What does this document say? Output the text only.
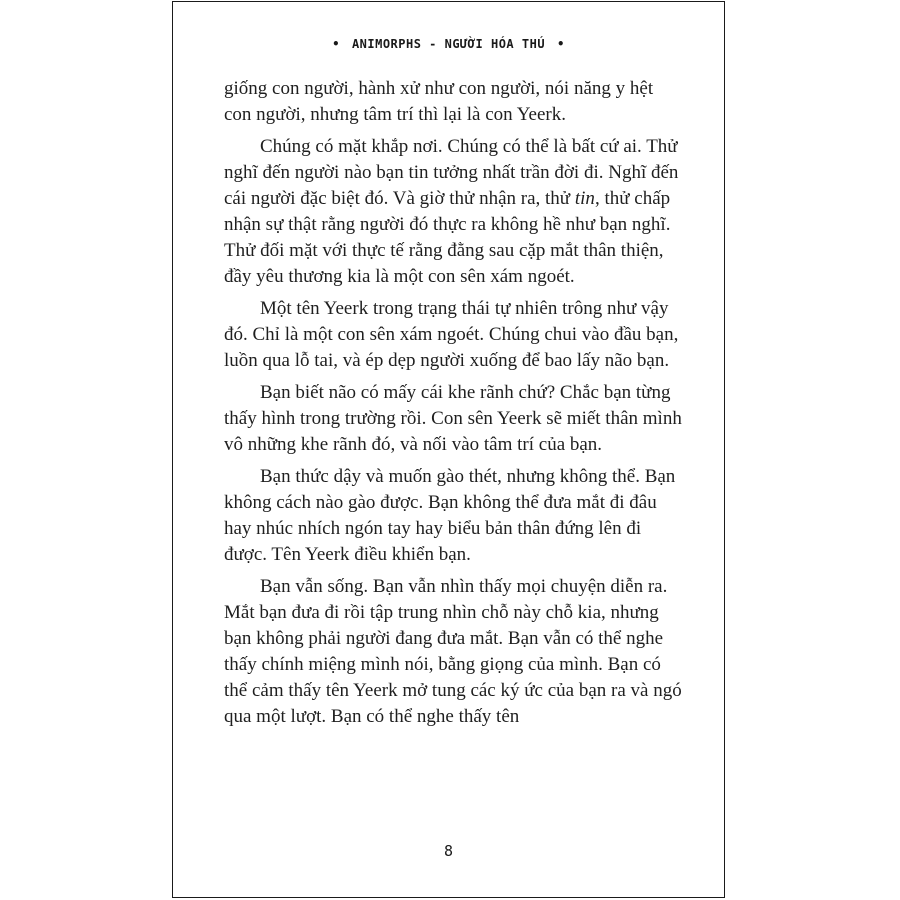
• ANIMORPHS - NGƯỜI HÓA THÚ •

giống con người, hành xử như con người, nói năng y hệt con người, nhưng tâm trí thì lại là con Yeerk.

Chúng có mặt khắp nơi. Chúng có thể là bất cứ ai. Thử nghĩ đến người nào bạn tin tưởng nhất trần đời đi. Nghĩ đến cái người đặc biệt đó. Và giờ thử nhận ra, thử tin, thử chấp nhận sự thật rằng người đó thực ra không hề như bạn nghĩ. Thử đối mặt với thực tế rằng đằng sau cặp mắt thân thiện, đầy yêu thương kia là một con sên xám ngoét.

Một tên Yeerk trong trạng thái tự nhiên trông như vậy đó. Chỉ là một con sên xám ngoét. Chúng chui vào đầu bạn, luồn qua lỗ tai, và ép dẹp người xuống để bao lấy não bạn.

Bạn biết não có mấy cái khe rãnh chứ? Chắc bạn từng thấy hình trong trường rồi. Con sên Yeerk sẽ miết thân mình vô những khe rãnh đó, và nối vào tâm trí của bạn.

Bạn thức dậy và muốn gào thét, nhưng không thể. Bạn không cách nào gào được. Bạn không thể đưa mắt đi đâu hay nhúc nhích ngón tay hay biểu bản thân đứng lên đi được. Tên Yeerk điều khiển bạn.

Bạn vẫn sống. Bạn vẫn nhìn thấy mọi chuyện diễn ra. Mắt bạn đưa đi rồi tập trung nhìn chỗ này chỗ kia, nhưng bạn không phải người đang đưa mắt. Bạn vẫn có thể nghe thấy chính miệng mình nói, bằng giọng của mình. Bạn có thể cảm thấy tên Yeerk mở tung các ký ức của bạn ra và ngó qua một lượt. Bạn có thể nghe thấy tên

8
